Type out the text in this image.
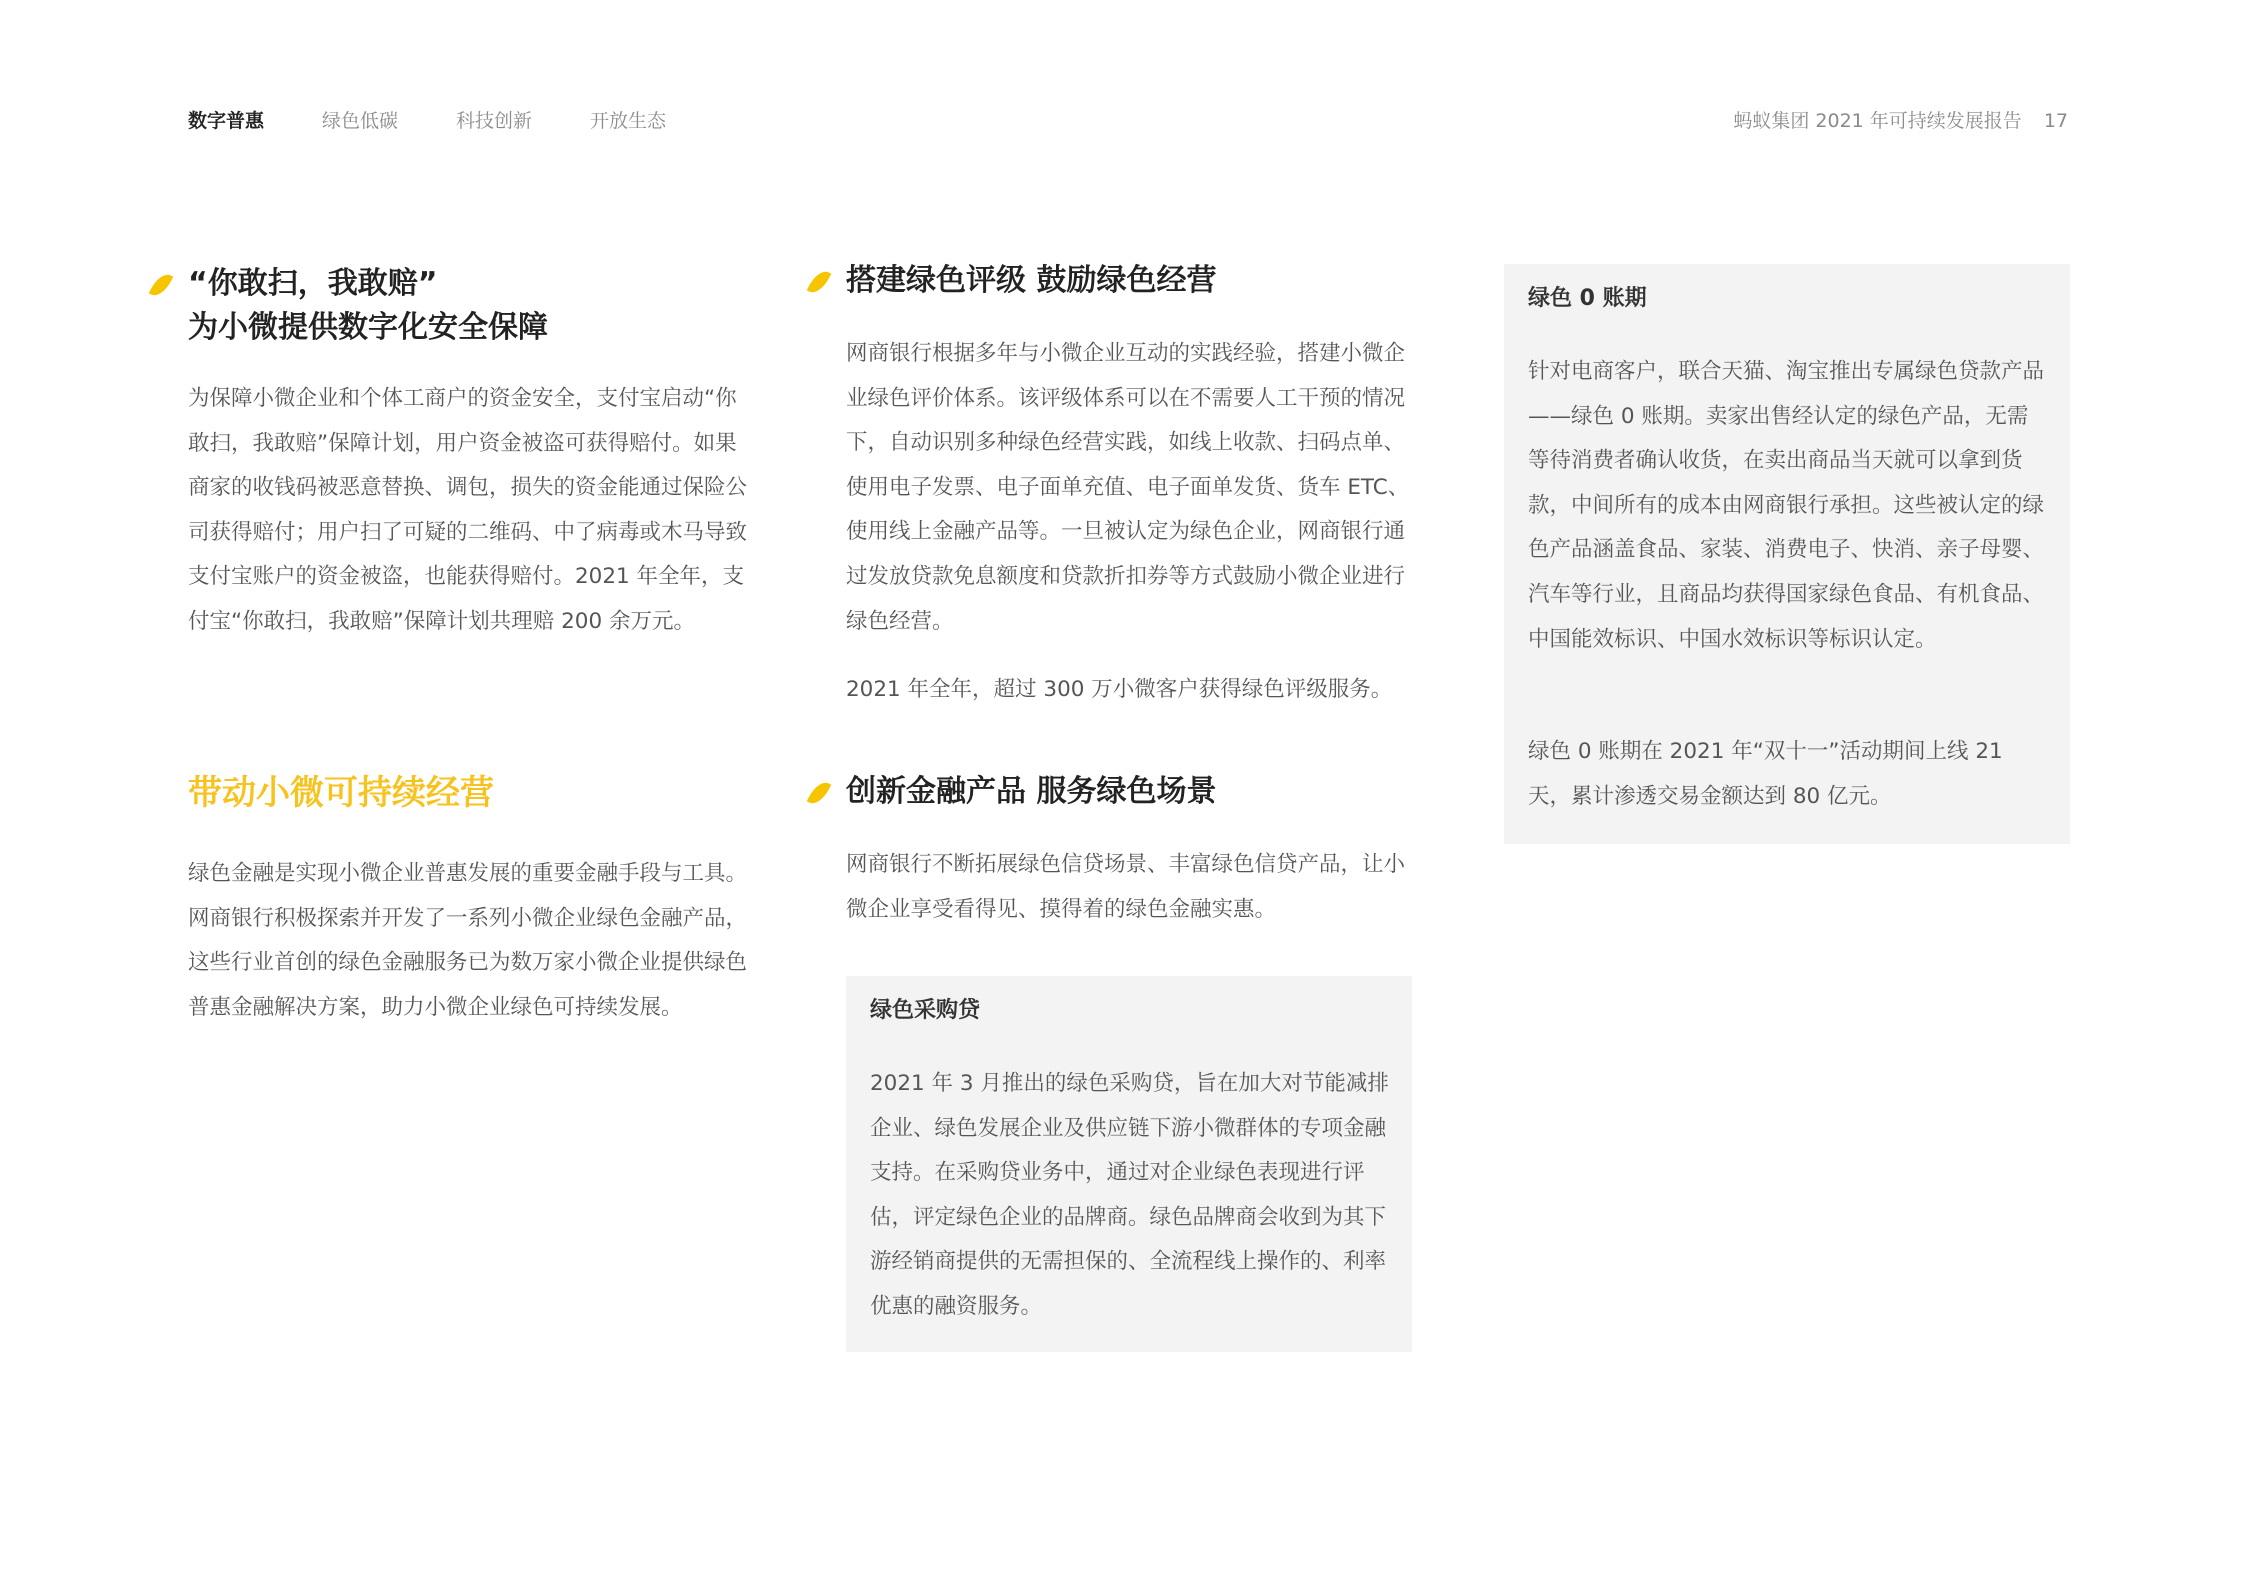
数字普惠	绿色低碳	科技创新	开放生态	蚂蚁集团 2021 年可持续发展报告 17
“你敢扫，我敢赔”
为小微提供数字化安全保障

为保障小微企业和个体工商户的资金安全，支付宝启动“你敢扫，我敢赔”保障计划，用户资金被盗可获得赔付。如果商家的收钱码被恶意替换、调包，损失的资金能通过保险公司获得赔付；用户扫了可疑的二维码、中了病毒或木马导致支付宝账户的资金被盗，也能获得赔付。2021 年全年，支付宝“你敢扫，我敢赔”保障计划共理赔 200 余万元。

带动小微可持续经营

绿色金融是实现小微企业普惠发展的重要金融手段与工具。网商银行积极探索并开发了一系列小微企业绿色金融产品，这些行业首创的绿色金融服务已为数万家小微企业提供绿色普惠金融解决方案，助力小微企业绿色可持续发展。

搭建绿色评级 鼓励绿色经营

网商银行根据多年与小微企业互动的实践经验，搭建小微企业绿色评价体系。该评级体系可以在不需要人工干预的情况下，自动识别多种绿色经营实践，如线上收款、扫码点单、使用电子发票、电子面单充值、电子面单发货、货车 ETC、使用线上金融产品等。一旦被认定为绿色企业，网商银行通过发放贷款免息额度和贷款折扣券等方式鼓励小微企业进行绿色经营。

2021 年全年，超过 300 万小微客户获得绿色评级服务。

创新金融产品 服务绿色场景

网商银行不断拓展绿色信贷场景、丰富绿色信贷产品，让小微企业享受看得见、摸得着的绿色金融实惠。

绿色采购贷

2021 年 3 月推出的绿色采购贷，旨在加大对节能减排企业、绿色发展企业及供应链下游小微群体的专项金融支持。在采购贷业务中，通过对企业绿色表现进行评估，评定绿色企业的品牌商。绿色品牌商会收到为其下游经销商提供的无需担保的、全流程线上操作的、利率优惠的融资服务。

绿色 0 账期

针对电商客户，联合天猫、淘宝推出专属绿色贷款产品——绿色 0 账期。卖家出售经认定的绿色产品，无需等待消费者确认收货，在卖出商品当天就可以拿到货款，中间所有的成本由网商银行承担。这些被认定的绿色产品涵盖食品、家装、消费电子、快消、亲子母婴、汽车等行业，且商品均获得国家绿色食品、有机食品、中国能效标识、中国水效标识等标识认定。

绿色 0 账期在 2021 年“双十一”活动期间上线 21 天，累计渗透交易金额达到 80 亿元。
